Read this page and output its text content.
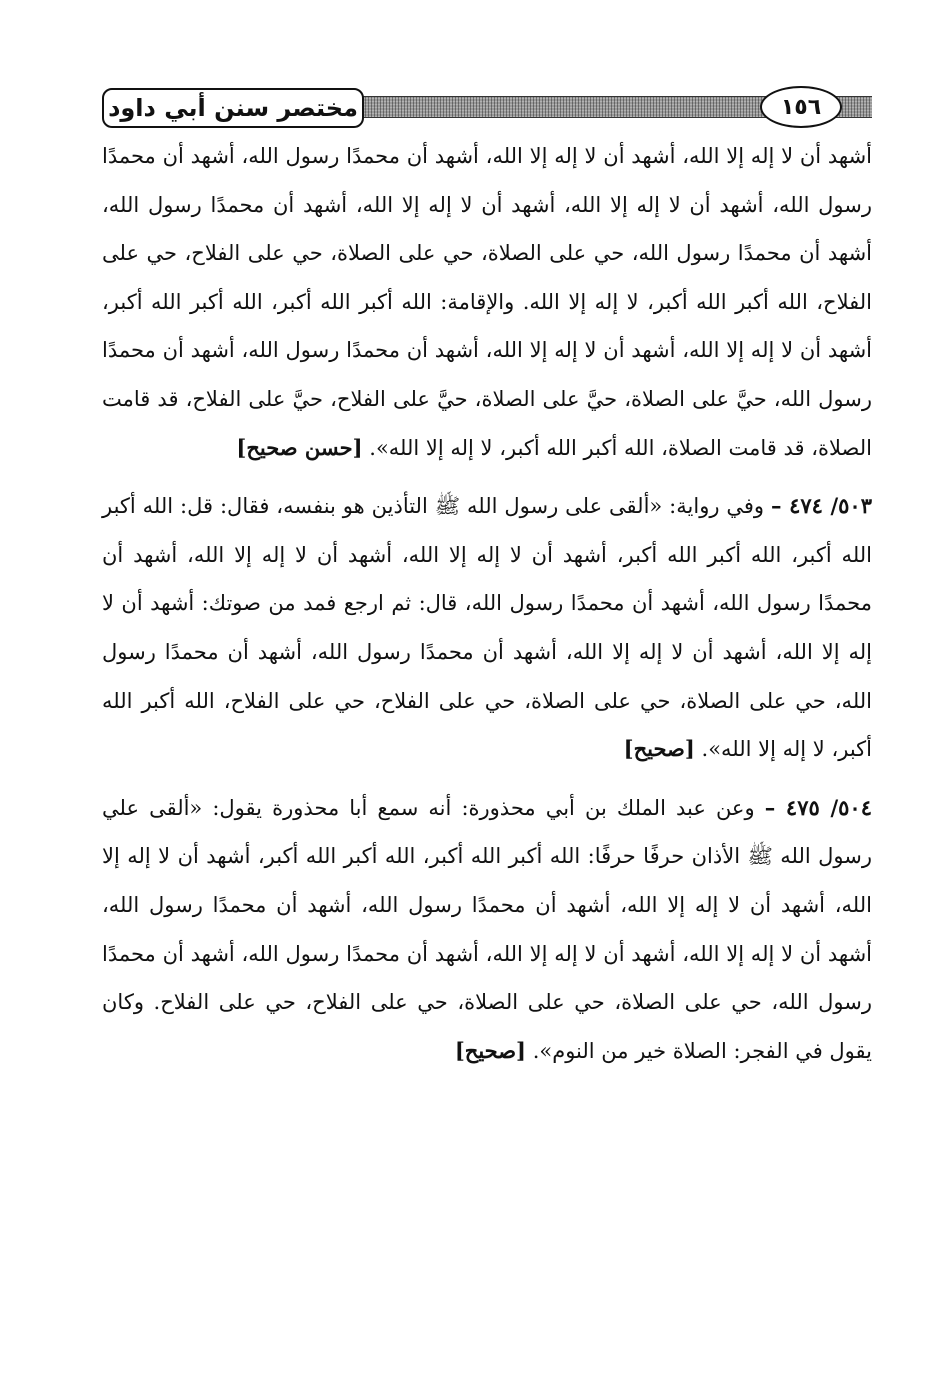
مختصر سنن أبي داود	١٥٦

أشهد أن لا إله إلا الله، أشهد أن لا إله إلا الله، أشهد أن محمدًا رسول الله، أشهد أن محمدًا رسول الله، أشهد أن لا إله إلا الله، أشهد أن لا إله إلا الله، أشهد أن محمدًا رسول الله، أشهد أن محمدًا رسول الله، حي على الصلاة، حي على الصلاة، حي على الفلاح، حي على الفلاح، الله أكبر الله أكبر، لا إله إلا الله. والإقامة: الله أكبر الله أكبر، الله أكبر الله أكبر، أشهد أن لا إله إلا الله، أشهد أن لا إله إلا الله، أشهد أن محمدًا رسول الله، أشهد أن محمدًا رسول الله، حيَّ على الصلاة، حيَّ على الصلاة، حيَّ على الفلاح، حيَّ على الفلاح، قد قامت الصلاة، قد قامت الصلاة، الله أكبر الله أكبر، لا إله إلا الله». [حسن صحيح]

٥٠٣/ ٤٧٤ – وفي رواية: «ألقى على رسول الله ﷺ التأذين هو بنفسه، فقال: قل: الله أكبر الله أكبر، الله أكبر الله أكبر، أشهد أن لا إله إلا الله، أشهد أن لا إله إلا الله، أشهد أن محمدًا رسول الله، أشهد أن محمدًا رسول الله، قال: ثم ارجع فمد من صوتك: أشهد أن لا إله إلا الله، أشهد أن لا إله إلا الله، أشهد أن محمدًا رسول الله، أشهد أن محمدًا رسول الله، حي على الصلاة، حي على الصلاة، حي على الفلاح، حي على الفلاح، الله أكبر الله أكبر، لا إله إلا الله». [صحيح]

٥٠٤/ ٤٧٥ – وعن عبد الملك بن أبي محذورة: أنه سمع أبا محذورة يقول: «ألقى علي رسول الله ﷺ الأذان حرفًا حرفًا: الله أكبر الله أكبر، الله أكبر الله أكبر، أشهد أن لا إله إلا الله، أشهد أن لا إله إلا الله، أشهد أن محمدًا رسول الله، أشهد أن محمدًا رسول الله، أشهد أن لا إله إلا الله، أشهد أن لا إله إلا الله، أشهد أن محمدًا رسول الله، أشهد أن محمدًا رسول الله، حي على الصلاة، حي على الصلاة، حي على الفلاح، حي على الفلاح. وكان يقول في الفجر: الصلاة خير من النوم». [صحيح]
